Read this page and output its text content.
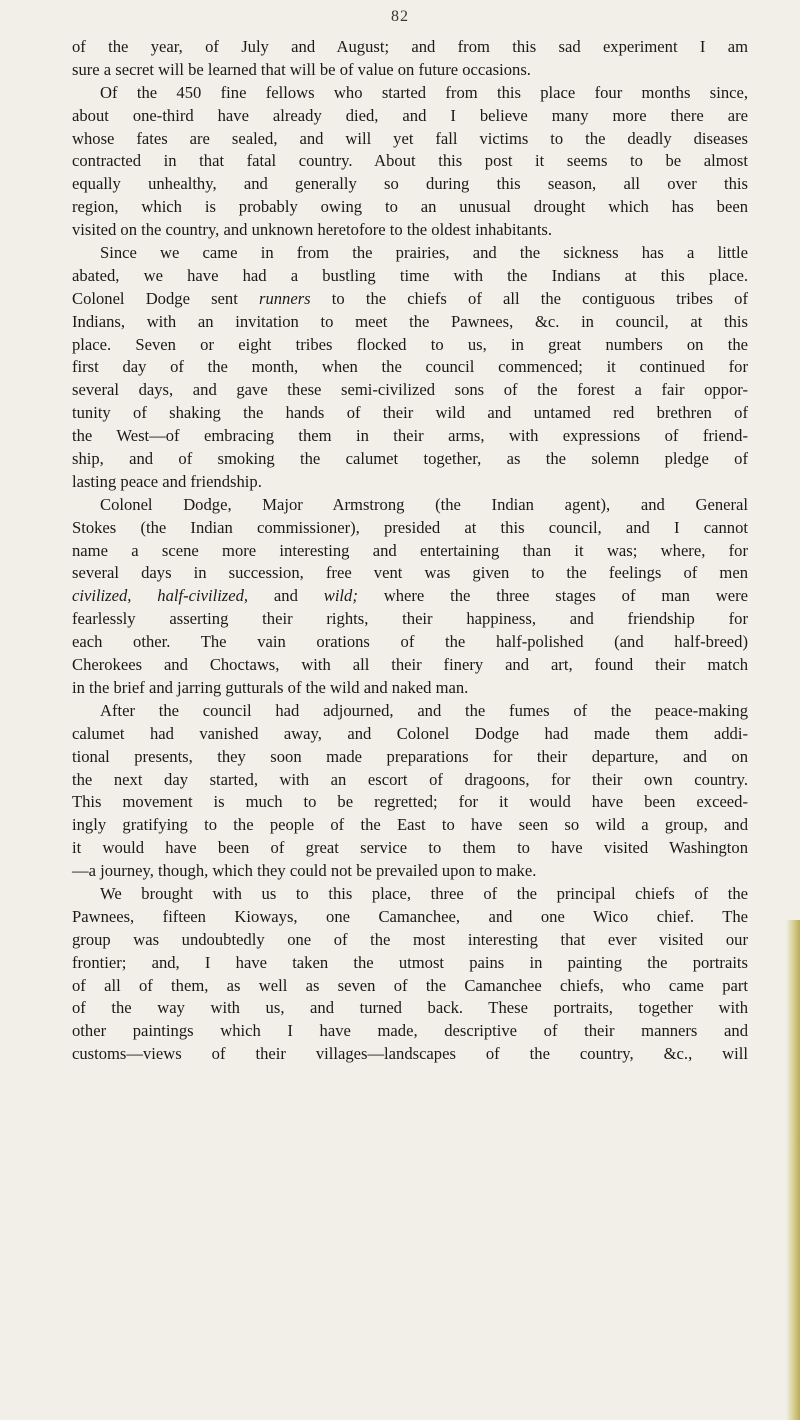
82
of the year, of July and August; and from this sad experiment I am
sure a secret will be learned that will be of value on future occasions.
Of the 450 fine fellows who started from this place four months since,
about one-third have already died, and I believe many more there are
whose fates are sealed, and will yet fall victims to the deadly diseases
contracted in that fatal country. About this post it seems to be almost
equally unhealthy, and generally so during this season, all over this
region, which is probably owing to an unusual drought which has been
visited on the country, and unknown heretofore to the oldest inhabitants.
Since we came in from the prairies, and the sickness has a little
abated, we have had a bustling time with the Indians at this place.
Colonel Dodge sent runners to the chiefs of all the contiguous tribes of
Indians, with an invitation to meet the Pawnees, &c. in council, at this
place. Seven or eight tribes flocked to us, in great numbers on the
first day of the month, when the council commenced; it continued for
several days, and gave these semi-civilized sons of the forest a fair oppor-
tunity of shaking the hands of their wild and untamed red brethren of
the West—of embracing them in their arms, with expressions of friend-
ship, and of smoking the calumet together, as the solemn pledge of
lasting peace and friendship.
Colonel Dodge, Major Armstrong (the Indian agent), and General
Stokes (the Indian commissioner), presided at this council, and I cannot
name a scene more interesting and entertaining than it was; where, for
several days in succession, free vent was given to the feelings of men
civilized, half-civilized, and wild; where the three stages of man were
fearlessly asserting their rights, their happiness, and friendship for
each other. The vain orations of the half-polished (and half-breed)
Cherokees and Choctaws, with all their finery and art, found their match
in the brief and jarring gutturals of the wild and naked man.
After the council had adjourned, and the fumes of the peace-making
calumet had vanished away, and Colonel Dodge had made them addi-
tional presents, they soon made preparations for their departure, and on
the next day started, with an escort of dragoons, for their own country.
This movement is much to be regretted; for it would have been exceed-
ingly gratifying to the people of the East to have seen so wild a group, and
it would have been of great service to them to have visited Washington
—a journey, though, which they could not be prevailed upon to make.
We brought with us to this place, three of the principal chiefs of the
Pawnees, fifteen Kioways, one Camanchee, and one Wico chief. The
group was undoubtedly one of the most interesting that ever visited our
frontier; and, I have taken the utmost pains in painting the portraits
of all of them, as well as seven of the Camanchee chiefs, who came part
of the way with us, and turned back. These portraits, together with
other paintings which I have made, descriptive of their manners and
customs—views of their villages—landscapes of the country, &c., will
